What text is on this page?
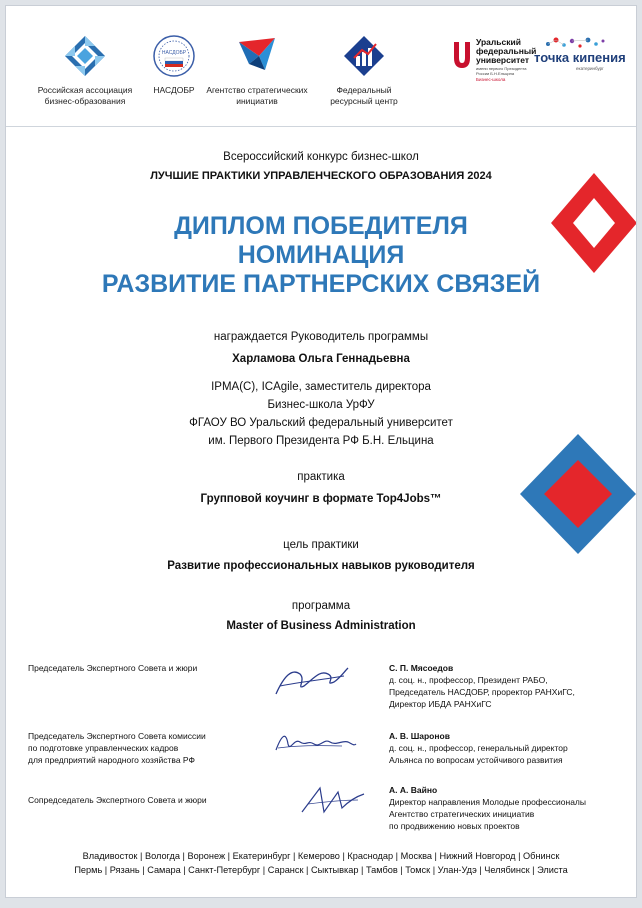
Российская ассоциация
бизнес-образования
НАСДОБР
НАСДОБР	Агентство стратегических
инициатив
Федеральный
ресурсный центр
Уральский
федеральный
университет
имени первого Президента
России Б.Н.Ельцина
Бизнес-школа
точка кипения
екатеринбург
Всероссийский конкурс бизнес-школ
ЛУЧШИЕ ПРАКТИКИ УПРАВЛЕНЧЕСКОГО ОБРАЗОВАНИЯ 2024
ДИПЛОМ ПОБЕДИТЕЛЯ
НОМИНАЦИЯ
РАЗВИТИЕ ПАРТНЕРСКИХ СВЯЗЕЙ
награждается Руководитель программы
Харламова Ольга Геннадьевна
IPMA(C), ICAgile, заместитель директора
Бизнес-школа УрФУ
ФГАОУ ВО Уральский федеральный университет
им. Первого Президента РФ Б.Н. Ельцина
практика
Групповой коучинг в формате Top4Jobs™
цель практики
Развитие профессиональных навыков руководителя
программа
Master of Business Administration
Председатель Экспертного Совета и жюри	С. П. Мясоедов
д. соц. н., профессор, Президент РАБО,
Председатель НАСДОБР, проректор РАНХиГС,
Директор ИБДА РАНХиГС
Председатель Экспертного Совета комиссии
по подготовке управленческих кадров
для предприятий народного хозяйства РФ
А. В. Шаронов
д. соц. н., профессор, генеральный директор
Альянса по вопросам устойчивого развития
Сопредседатель Экспертного Совета и жюри
А. А. Вайно
Директор направления Молодые профессионалы
Агентство стратегических инициатив
по продвижению новых проектов
Владивосток | Вологда | Воронеж | Екатеринбург | Кемерово | Краснодар | Москва | Нижний Новгород | Обнинск
Пермь | Рязань | Самара | Санкт-Петербург | Саранск | Сыктывкар | Тамбов | Томск | Улан-Удэ | Челябинск | Элиста
